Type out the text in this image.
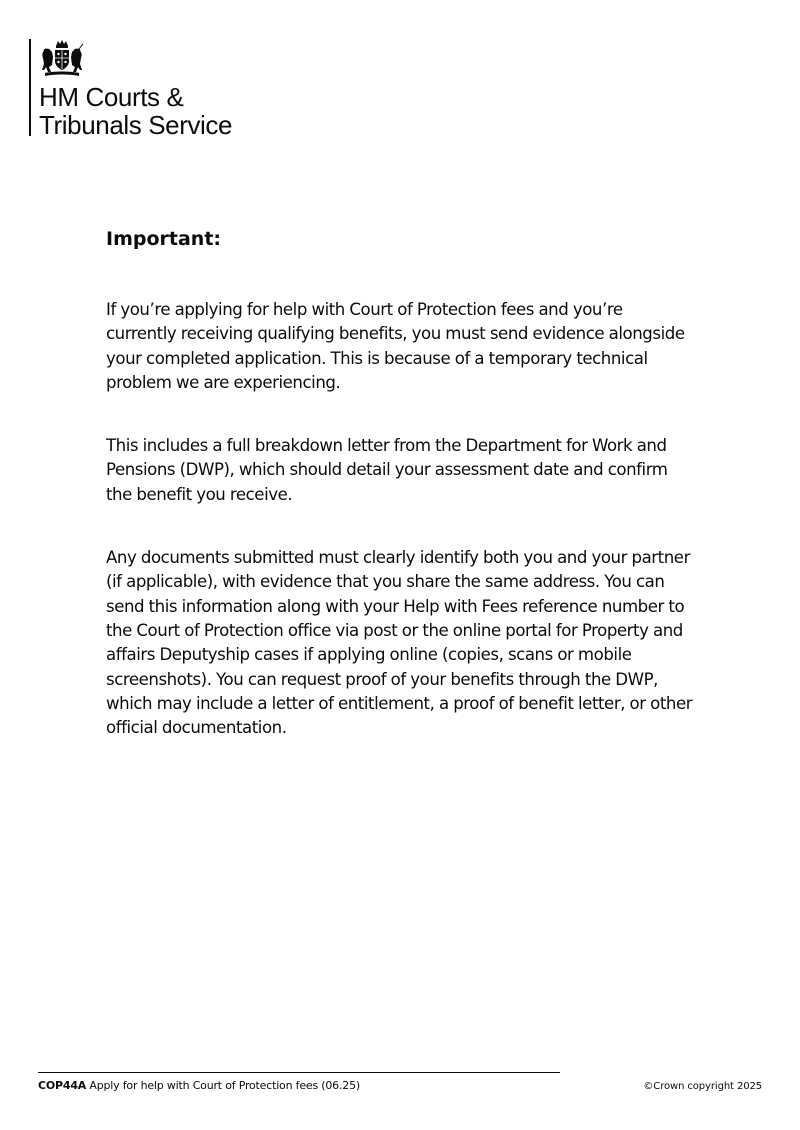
HM Courts &
Tribunals Service
Important:

If you’re applying for help with Court of Protection fees and you’re currently receiving qualifying benefits, you must send evidence alongside your completed application. This is because of a temporary technical problem we are experiencing.

This includes a full breakdown letter from the Department for Work and Pensions (DWP), which should detail your assessment date and confirm the benefit you receive.

Any documents submitted must clearly identify both you and your partner (if applicable), with evidence that you share the same address. You can send this information along with your Help with Fees reference number to the Court of Protection office via post or the online portal for Property and affairs Deputyship cases if applying online (copies, scans or mobile screenshots). You can request proof of your benefits through the DWP, which may include a letter of entitlement, a proof of benefit letter, or other official documentation.

COP44A Apply for help with Court of Protection fees (06.25)	©Crown copyright 2025
